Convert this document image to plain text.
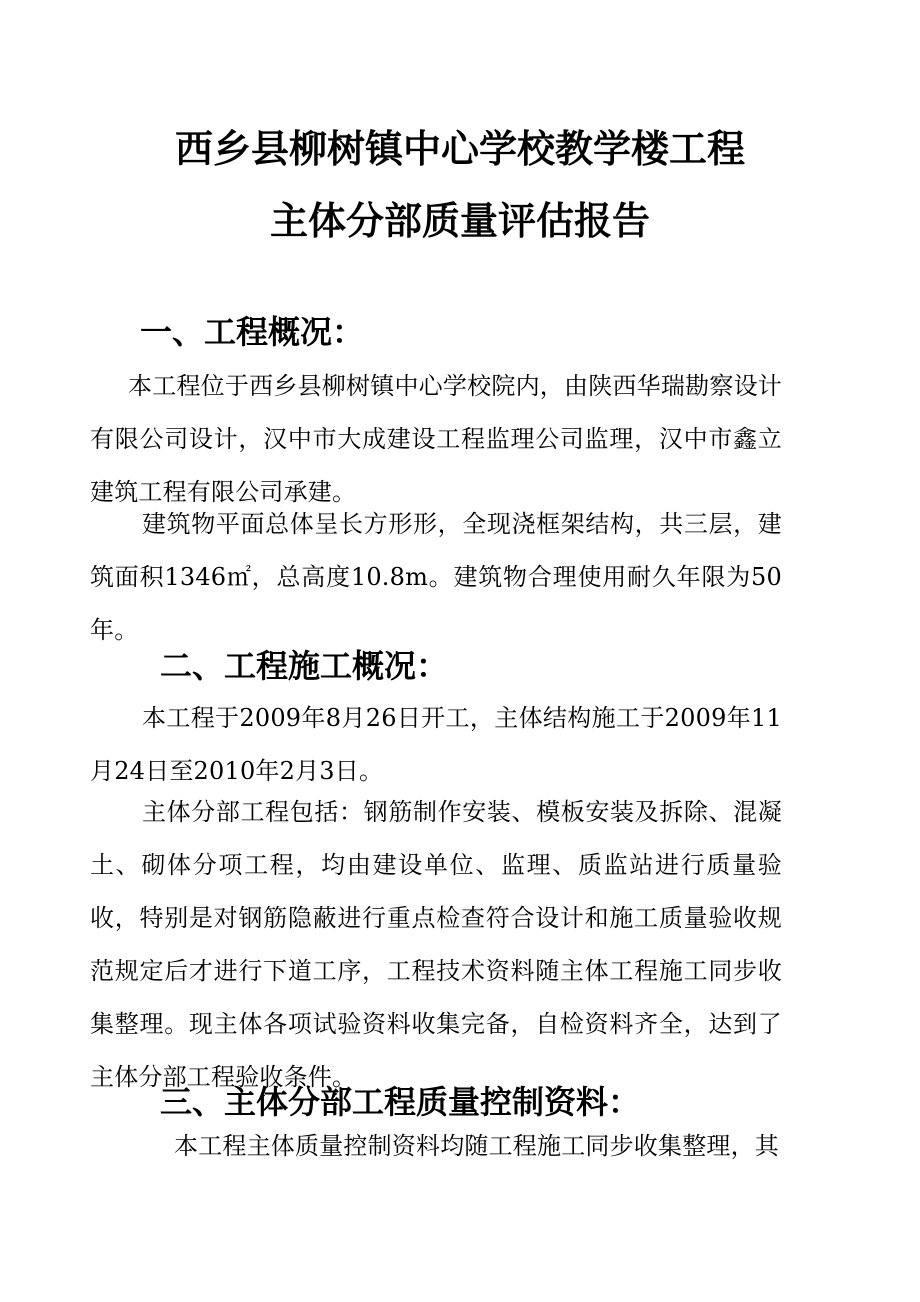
西乡县柳树镇中心学校教学楼工程
主体分部质量评估报告
一、工程概况：
本工程位于西乡县柳树镇中心学校院内，由陕西华瑞勘察设计有限公司设计，汉中市大成建设工程监理公司监理，汉中市鑫立建筑工程有限公司承建。
建筑物平面总体呈长方形形，全现浇框架结构，共三层，建筑面积1346㎡，总高度10.8m。建筑物合理使用耐久年限为50年。
二、工程施工概况：
本工程于2009年8月26日开工，主体结构施工于2009年11月24日至2010年2月3日。
主体分部工程包括：钢筋制作安装、模板安装及拆除、混凝土、砌体分项工程，均由建设单位、监理、质监站进行质量验收，特别是对钢筋隐蔽进行重点检查符合设计和施工质量验收规范规定后才进行下道工序，工程技术资料随主体工程施工同步收集整理。现主体各项试验资料收集完备，自检资料齐全，达到了主体分部工程验收条件。
三、主体分部工程质量控制资料：
本工程主体质量控制资料均随工程施工同步收集整理，其
